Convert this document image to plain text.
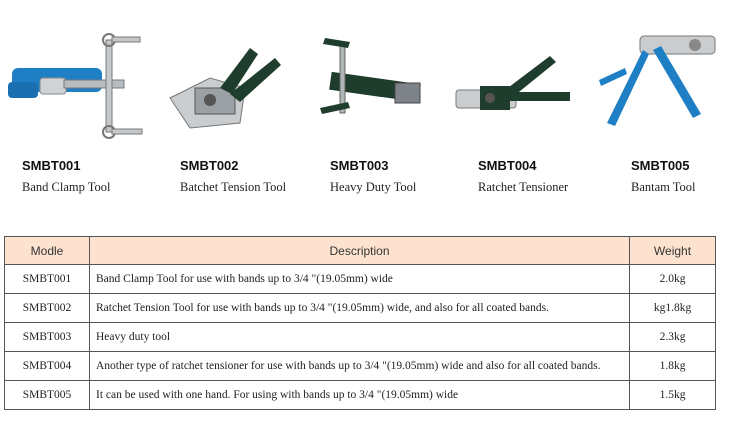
SMBT001
Band Clamp Tool
SMBT002
Batchet Tension Tool
SMBT003
Heavy Duty Tool
SMBT004
Ratchet Tensioner
SMBT005
Bantam Tool
Modle	Description	Weight
SMBT001	Band Clamp Tool for use with bands up to 3/4 "(19.05mm) wide	2.0kg
SMBT002	Ratchet Tension Tool for use with bands up to 3/4 "(19.05mm) wide, and also for all coated bands.	kg1.8kg
SMBT003	Heavy duty tool	2.3kg
SMBT004	Another type of ratchet tensioner for use with bands up to 3/4 "(19.05mm) wide and also for all coated bands.	1.8kg
SMBT005	It can be used with one hand. For using with bands up to 3/4 "(19.05mm) wide	1.5kg
